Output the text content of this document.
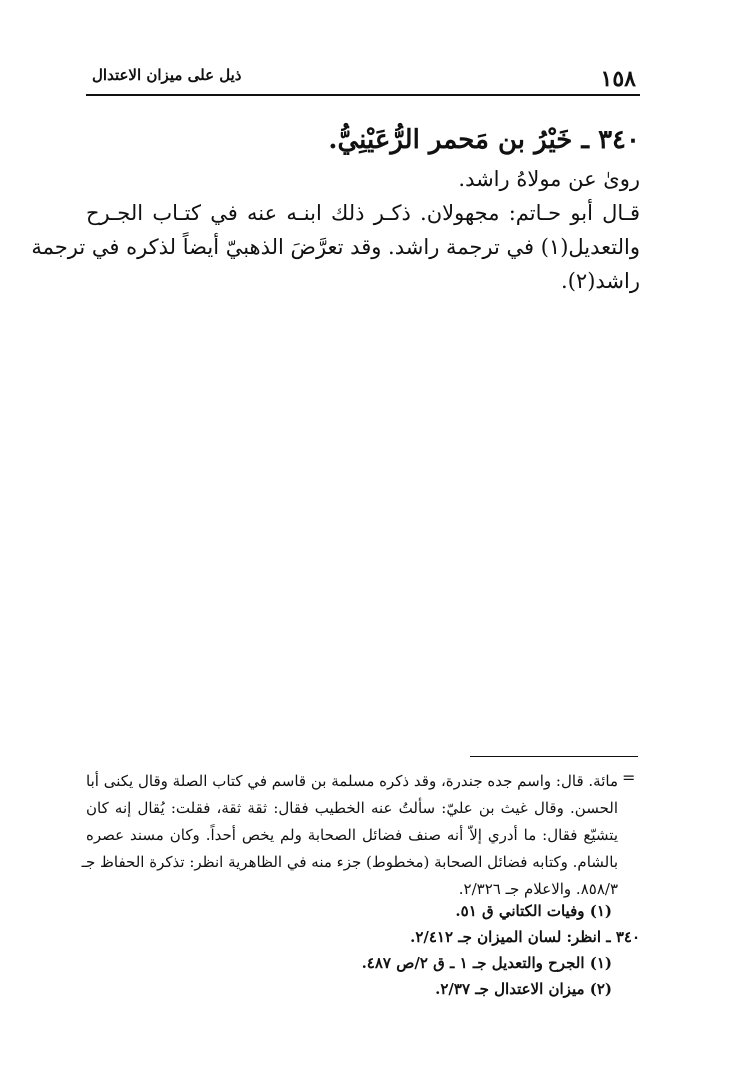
١٥٨
ذيل على ميزان الاعتدال

٣٤٠ ـ خَيْرُ بن مَحمر الرُّعَيْنِيُّ.

روىٰ عن مولاهُ راشد.

قـال أبو حـاتم: مجهولان. ذكـر ذلك ابنـه عنه في كتـاب الجـرح

والتعديل(١) في ترجمة راشد. وقد تعرَّضَ الذهبيّ أيضاً لذكره في ترجمة

راشد(٢).

=

مائة. قال: واسم جده جندرة، وقد ذكره مسلمة بن قاسم في كتاب الصلة وقال يكنى أبا

الحسن. وقال غيث بن عليّ: سألتُ عنه الخطيب فقال: ثقة ثقة، فقلت: يُقال إنه كان

يتشيّع فقال: ما أدري إلاّ أنه صنف فضائل الصحابة ولم يخص أحداً. وكان مسند عصره

بالشام. وكتابه فضائل الصحابة (مخطوط) جزء منه في الظاهرية انظر: تذكرة الحفاظ جـ

٨٥٨/٣. والاعلام جـ ٢/٣٢٦.

(١) وفيات الكتاني ق ٥١.

٣٤٠ ـ انظر: لسان الميزان جـ ٢/٤١٢.

(١) الجرح والتعديل جـ ١ ـ ق ٢/ص ٤٨٧.

(٢) ميزان الاعتدال جـ ٢/٣٧.
